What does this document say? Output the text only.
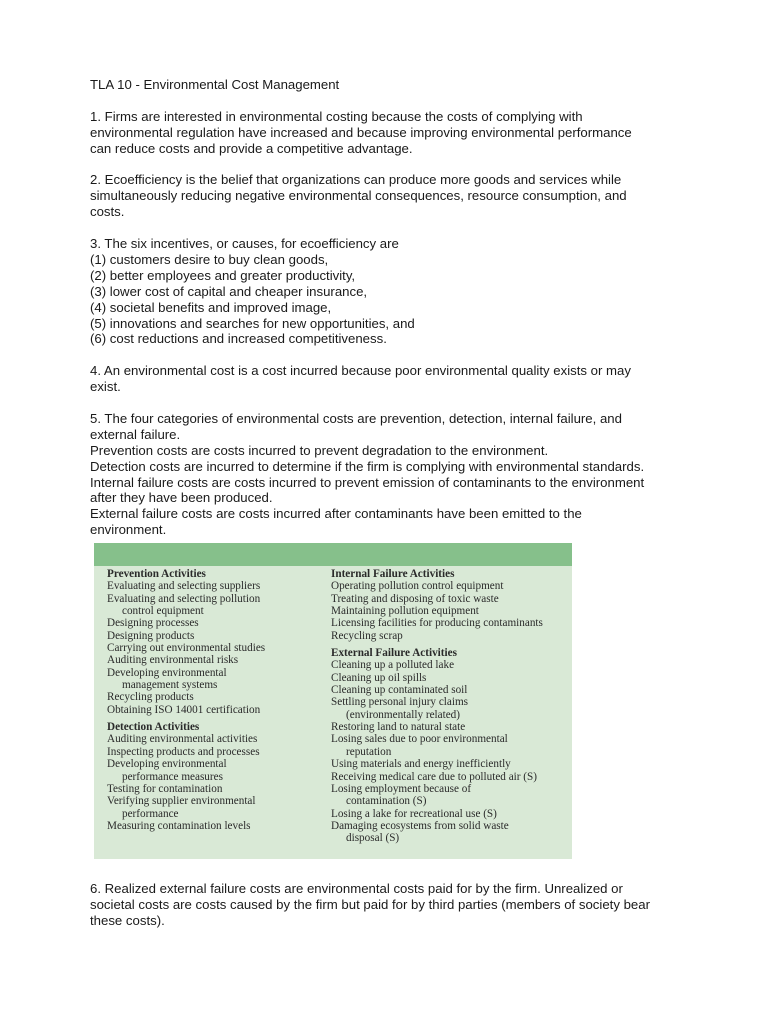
TLA 10 - Environmental Cost Management
1. Firms are interested in environmental costing because the costs of complying with
environmental regulation have increased and because improving environmental performance
can reduce costs and provide a competitive advantage.
2. Ecoefficiency is the belief that organizations can produce more goods and services while
simultaneously reducing negative environmental consequences, resource consumption, and
costs.
3. The six incentives, or causes, for ecoefficiency are
(1) customers desire to buy clean goods,
(2) better employees and greater productivity,
(3) lower cost of capital and cheaper insurance,
(4) societal benefits and improved image,
(5) innovations and searches for new opportunities, and
(6) cost reductions and increased competitiveness.
4. An environmental cost is a cost incurred because poor environmental quality exists or may
exist.
5. The four categories of environmental costs are prevention, detection, internal failure, and
external failure.
Prevention costs are costs incurred to prevent degradation to the environment.
Detection costs are incurred to determine if the firm is complying with environmental standards.
Internal failure costs are costs incurred to prevent emission of contaminants to the environment
after they have been produced.
External failure costs are costs incurred after contaminants have been emitted to the
environment.
Prevention Activities
Evaluating and selecting suppliers
Evaluating and selecting pollution
control equipment
Designing processes
Designing products
Carrying out environmental studies
Auditing environmental risks
Developing environmental
management systems
Recycling products
Obtaining ISO 14001 certification
Detection Activities
Auditing environmental activities
Inspecting products and processes
Developing environmental
performance measures
Testing for contamination
Verifying supplier environmental
performance
Measuring contamination levels
Internal Failure Activities
Operating pollution control equipment
Treating and disposing of toxic waste
Maintaining pollution equipment
Licensing facilities for producing contaminants
Recycling scrap
External Failure Activities
Cleaning up a polluted lake
Cleaning up oil spills
Cleaning up contaminated soil
Settling personal injury claims
(environmentally related)
Restoring land to natural state
Losing sales due to poor environmental
reputation
Using materials and energy inefficiently
Receiving medical care due to polluted air (S)
Losing employment because of
contamination (S)
Losing a lake for recreational use (S)
Damaging ecosystems from solid waste
disposal (S)
6. Realized external failure costs are environmental costs paid for by the firm. Unrealized or
societal costs are costs caused by the firm but paid for by third parties (members of society bear
these costs).
